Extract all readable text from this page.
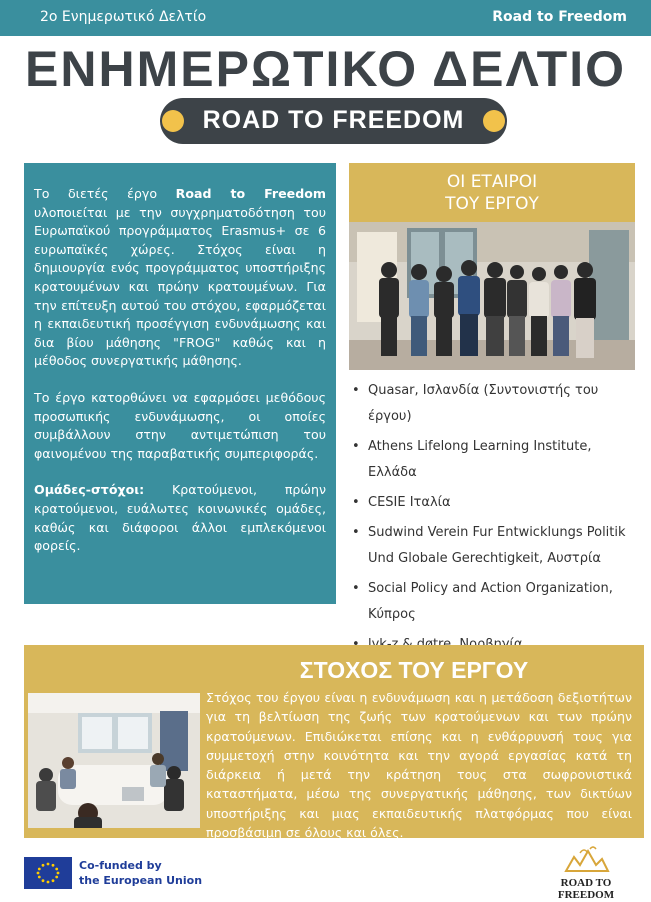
2ο Ενημερωτικό Δελτίο	Road to Freedom
ΕΝΗΜΕΡΩΤΙΚΟ ΔΕΛΤΙΟ
ROAD TO FREEDOM

Το διετές έργο Road to Freedom υλοποιείται με την συγχρηματοδότηση του Ευρωπαϊκού προγράμματος Erasmus+ σε 6 ευρωπαϊκές χώρες. Στόχος είναι η δημιουργία ενός προγράμματος υποστήριξης κρατουμένων και πρώην κρατουμένων. Για την επίτευξη αυτού του στόχου, εφαρμόζεται η εκπαιδευτική προσέγγιση ενδυνάμωσης και δια βίου μάθησης "FROG" καθώς και η μέθοδος συνεργατικής μάθησης.

Το έργο κατορθώνει να εφαρμόσει μεθόδους προσωπικής ενδυνάμωσης, οι οποίες συμβάλλουν στην αντιμετώπιση του φαινομένου της παραβατικής συμπεριφοράς.

Ομάδες-στόχοι: Κρατούμενοι, πρώην κρατούμενοι, ευάλωτες κοινωνικές ομάδες, καθώς και διάφοροι άλλοι εμπλεκόμενοι φορείς.

ΟΙ ΕΤΑΙΡΟΙ
ΤΟΥ ΕΡΓΟΥ
• Quasar, Ισλανδία (Συντονιστής του έργου)
• Athens Lifelong Learning Institute, Ελλάδα
• CESIE Ιταλία
• Sudwind Verein Fur Entwicklungs Politik Und Globale Gerechtigkeit, Αυστρία
• Social Policy and Action Organization, Κύπρος
•
ΣΤΟΧΟΣ ΤΟΥ ΕΡΓΟΥ
Στόχος του έργου είναι η ενδυνάμωση και η μετάδοση δεξιοτήτων για τη βελτίωση της ζωής των κρατούμενων και των πρώην κρατούμενων. Επιδιώκεται επίσης και η ενθάρρυνσή τους για συμμετοχή στην κοινότητα και την αγορά εργασίας κατά τη διάρκεια ή μετά την κράτηση τους στα σωφρονιστικά καταστήματα, μέσω της συνεργατικής μάθησης, των δικτύων υποστήριξης και μιας εκπαιδευτικής πλατφόρμας που είναι προσβάσιμη σε όλους και όλες.
Co-funded by
the European Union	ROAD TO
FREEDOM
